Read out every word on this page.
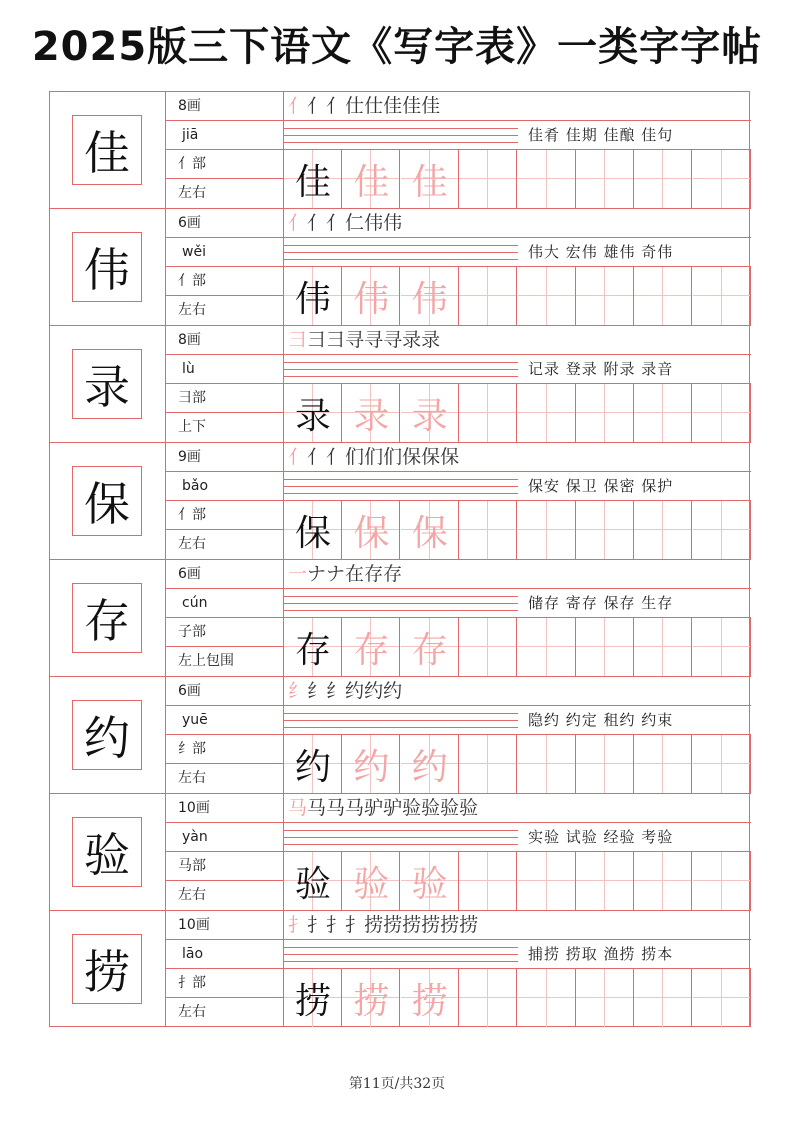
2025版三下语文《写字表》一类字字帖
佳
8画
jiā
亻部
左右
亻亻亻仕仕佳佳佳
佳肴 佳期 佳酿 佳句
佳 佳 佳
伟
6画
wěi
亻部
左右
亻亻亻仁伟伟
伟大 宏伟 雄伟 奇伟
伟 伟 伟
录
8画
lù
彐部
上下
彐彐彐寻寻寻录录
记录 登录 附录 录音
录 录 录
保
9画
bǎo
亻部
左右
亻亻亻们们们保保保
保安 保卫 保密 保护
保 保 保
存
6画
cún
子部
左上包围
一ナナ在存存
储存 寄存 保存 生存
存 存 存
约
6画
yuē
纟部
左右
纟纟纟约约约
隐约 约定 租约 约束
约 约 约
验
10画
yàn
马部
左右
马马马马驴驴验验验验
实验 试验 经验 考验
验 验 验
捞
10画
lāo
扌部
左右
扌扌扌扌捞捞捞捞捞捞
捕捞 捞取 渔捞 捞本
捞 捞 捞
第11页/共32页
